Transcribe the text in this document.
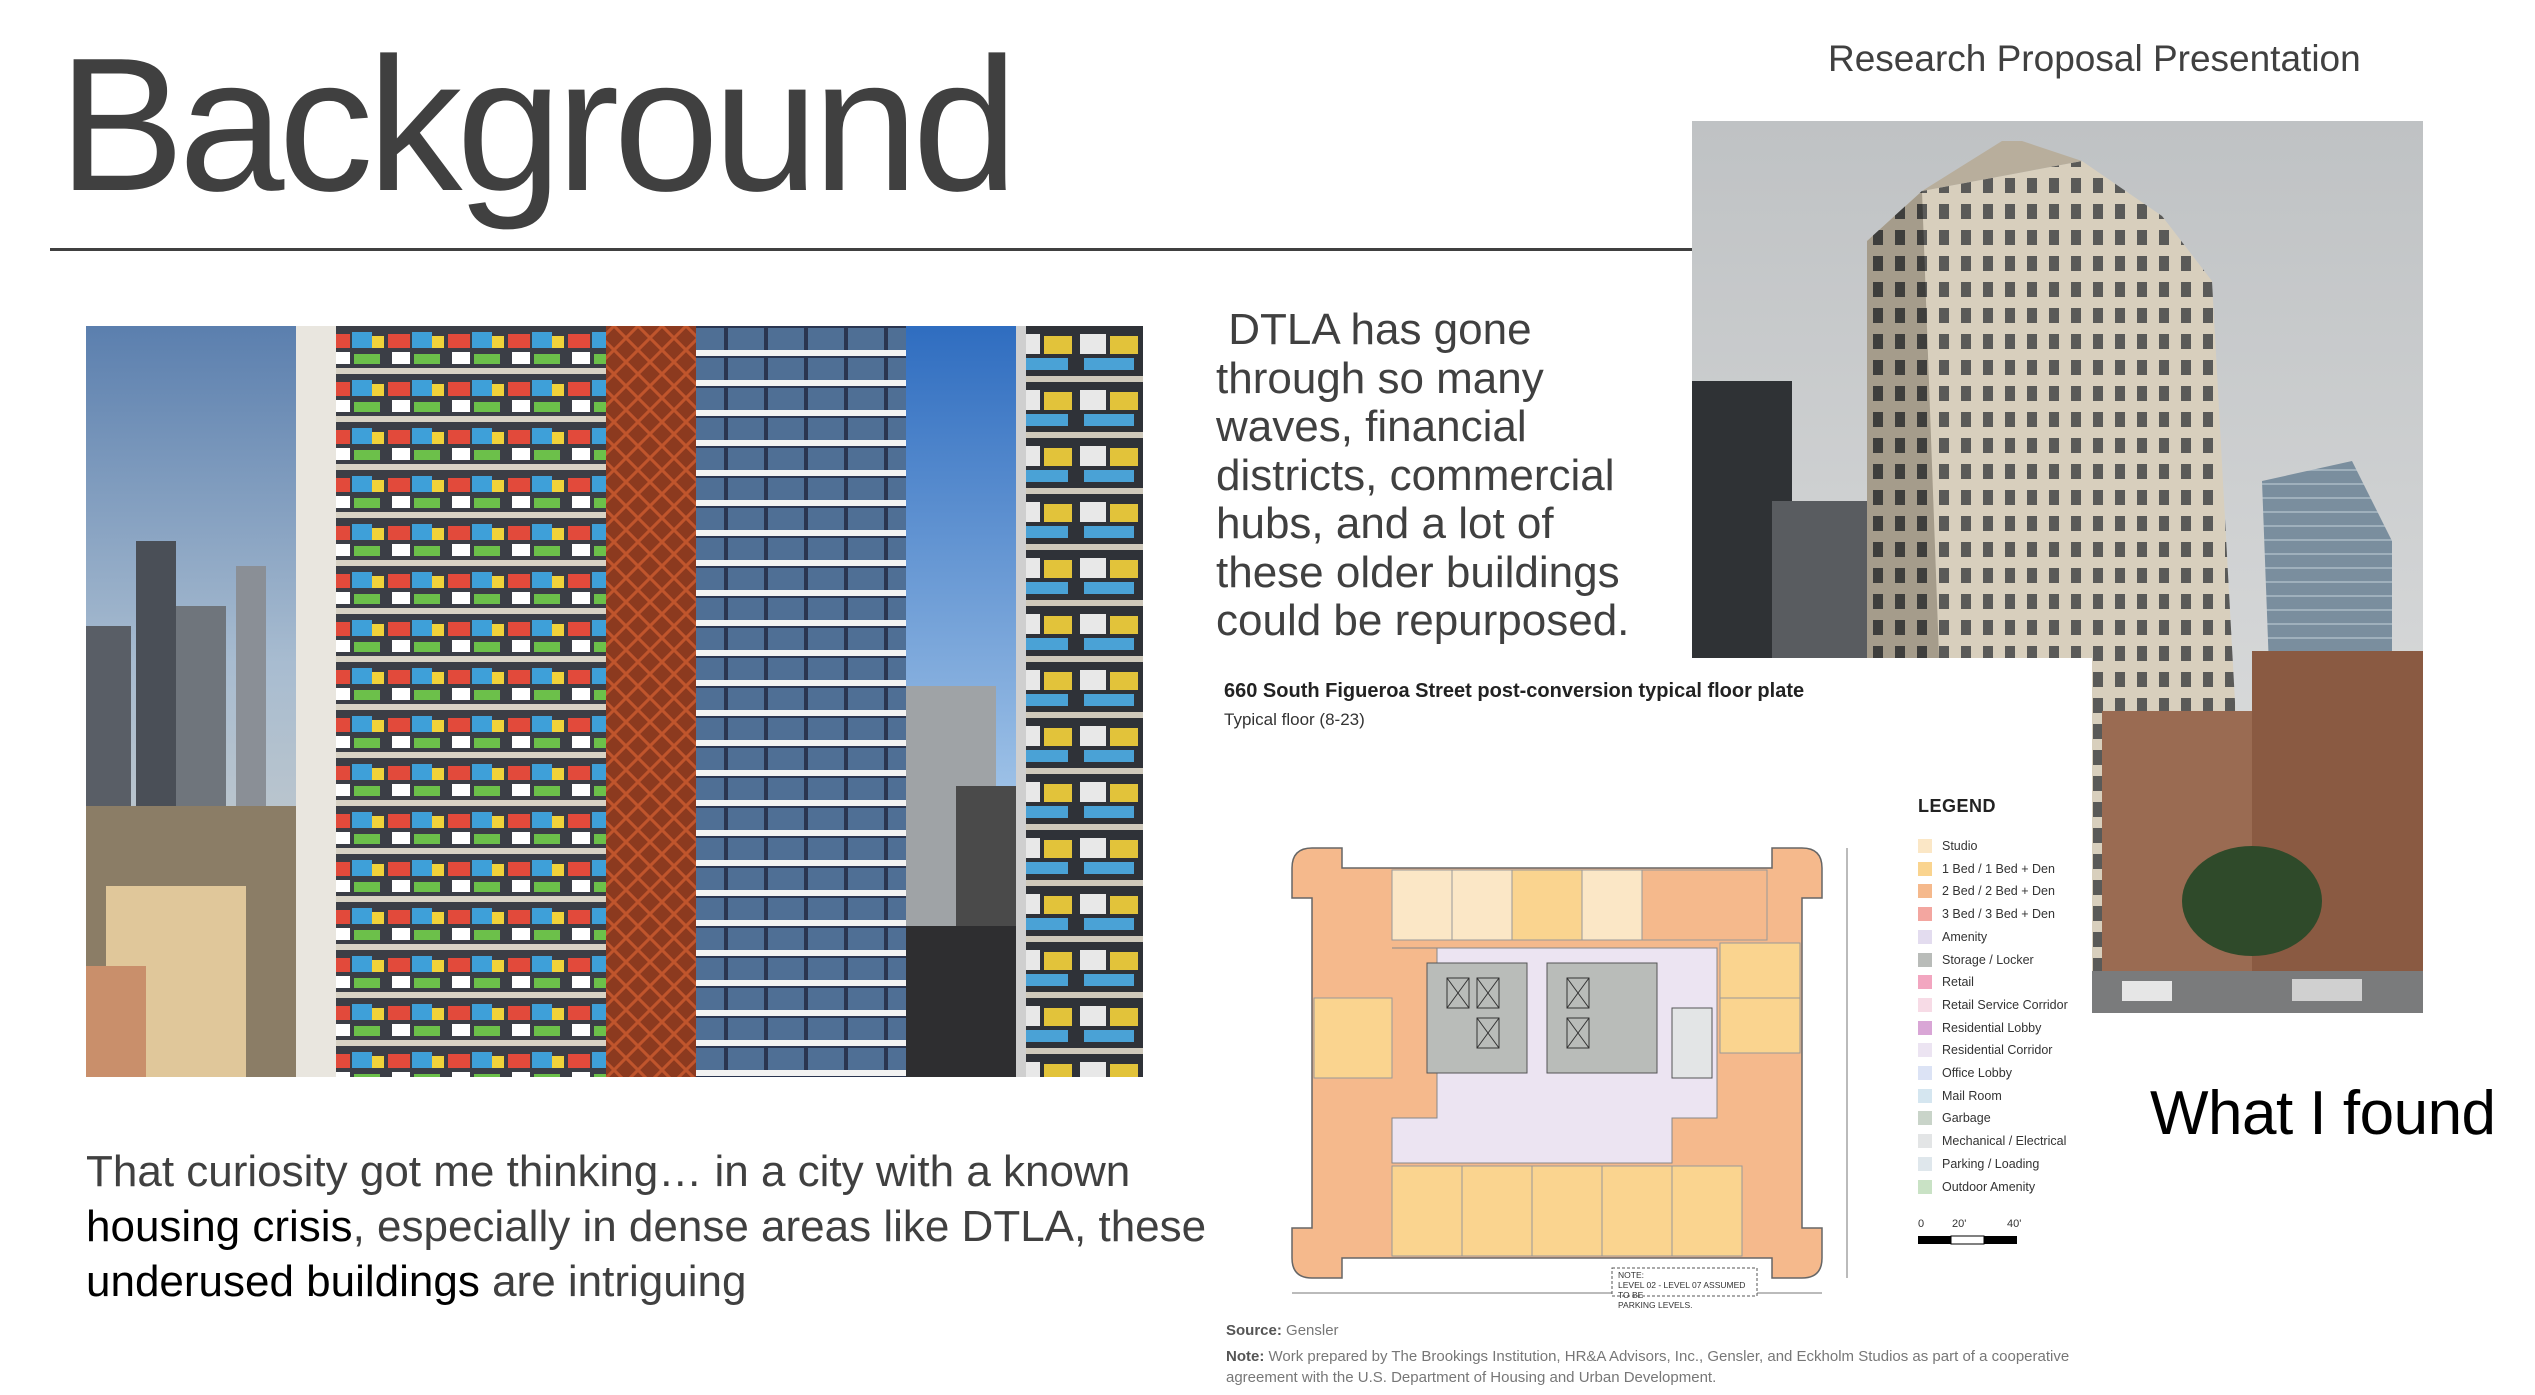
Background	Research Proposal Presentation
DTLA has gone
through so many
waves, financial
districts, commercial
hubs, and a lot of
these older buildings
could be repurposed.
660 South Figueroa Street post-conversion typical floor plate
Typical floor (8-23)
NOTE:
LEVEL 02 - LEVEL 07 ASSUMED TO BE
PARKING LEVELS.
LEGEND
Studio
1 Bed / 1 Bed + Den
2 Bed / 2 Bed + Den
3 Bed / 3 Bed + Den
Amenity
Storage / Locker
Retail
Retail Service Corridor
Residential Lobby
Residential Corridor
Office Lobby
Mail Room
Garbage
Mechanical / Electrical
Parking / Loading
Outdoor Amenity
0	20'	40'
Source: Gensler
Note: Work prepared by The Brookings Institution, HR&A Advisors, Inc., Gensler, and Eckholm Studios as part of a cooperative agreement with the U.S. Department of Housing and Urban Development.
What I found
That curiosity got me thinking… in a city with a known housing crisis, especially in dense areas like DTLA, these underused buildings are intriguing
